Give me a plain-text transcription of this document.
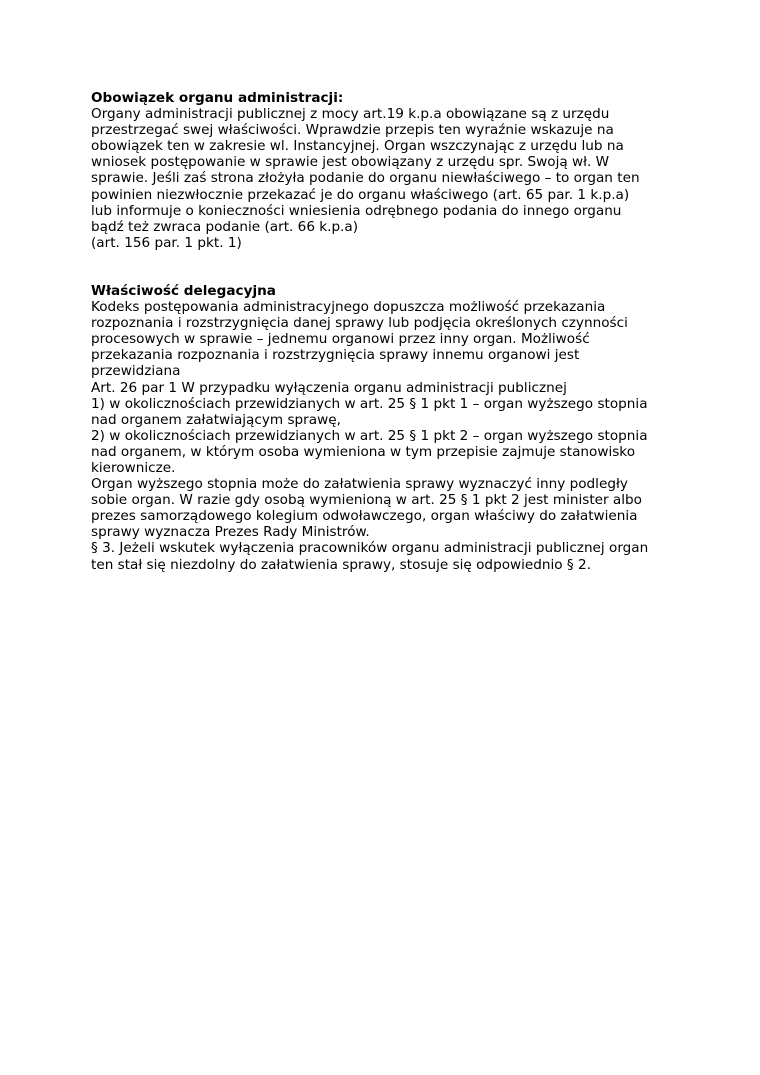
Obowiązek organu administracji:
Organy administracji publicznej z mocy art.19 k.p.a obowiązane są z urzędu
przestrzegać swej właściwości. Wprawdzie przepis ten wyraźnie wskazuje na
obowiązek ten w zakresie wl. Instancyjnej. Organ wszczynając z urzędu lub na
wniosek postępowanie w sprawie jest obowiązany z urzędu spr. Swoją wł. W
sprawie. Jeśli zaś strona złożyła podanie do organu niewłaściwego – to organ ten
powinien niezwłocznie przekazać je do organu właściwego (art. 65 par. 1 k.p.a)
lub informuje o konieczności wniesienia odrębnego podania do innego organu
bądź też zwraca podanie (art. 66 k.p.a)
(art. 156 par. 1 pkt. 1)
Właściwość delegacyjna
Kodeks postępowania administracyjnego dopuszcza możliwość przekazania
rozpoznania i rozstrzygnięcia danej sprawy lub podjęcia określonych czynności
procesowych w sprawie – jednemu organowi przez inny organ. Możliwość
przekazania rozpoznania i rozstrzygnięcia sprawy innemu organowi jest
przewidziana
Art. 26 par 1 W przypadku wyłączenia organu administracji publicznej
1) w okolicznościach przewidzianych w art. 25 § 1 pkt 1 – organ wyższego stopnia
nad organem załatwiającym sprawę,
2) w okolicznościach przewidzianych w art. 25 § 1 pkt 2 – organ wyższego stopnia
nad organem, w którym osoba wymieniona w tym przepisie zajmuje stanowisko
kierownicze.
Organ wyższego stopnia może do załatwienia sprawy wyznaczyć inny podległy
sobie organ. W razie gdy osobą wymienioną w art. 25 § 1 pkt 2 jest minister albo
prezes samorządowego kolegium odwoławczego, organ właściwy do załatwienia
sprawy wyznacza Prezes Rady Ministrów.
§ 3. Jeżeli wskutek wyłączenia pracowników organu administracji publicznej organ
ten stał się niezdolny do załatwienia sprawy, stosuje się odpowiednio § 2.
